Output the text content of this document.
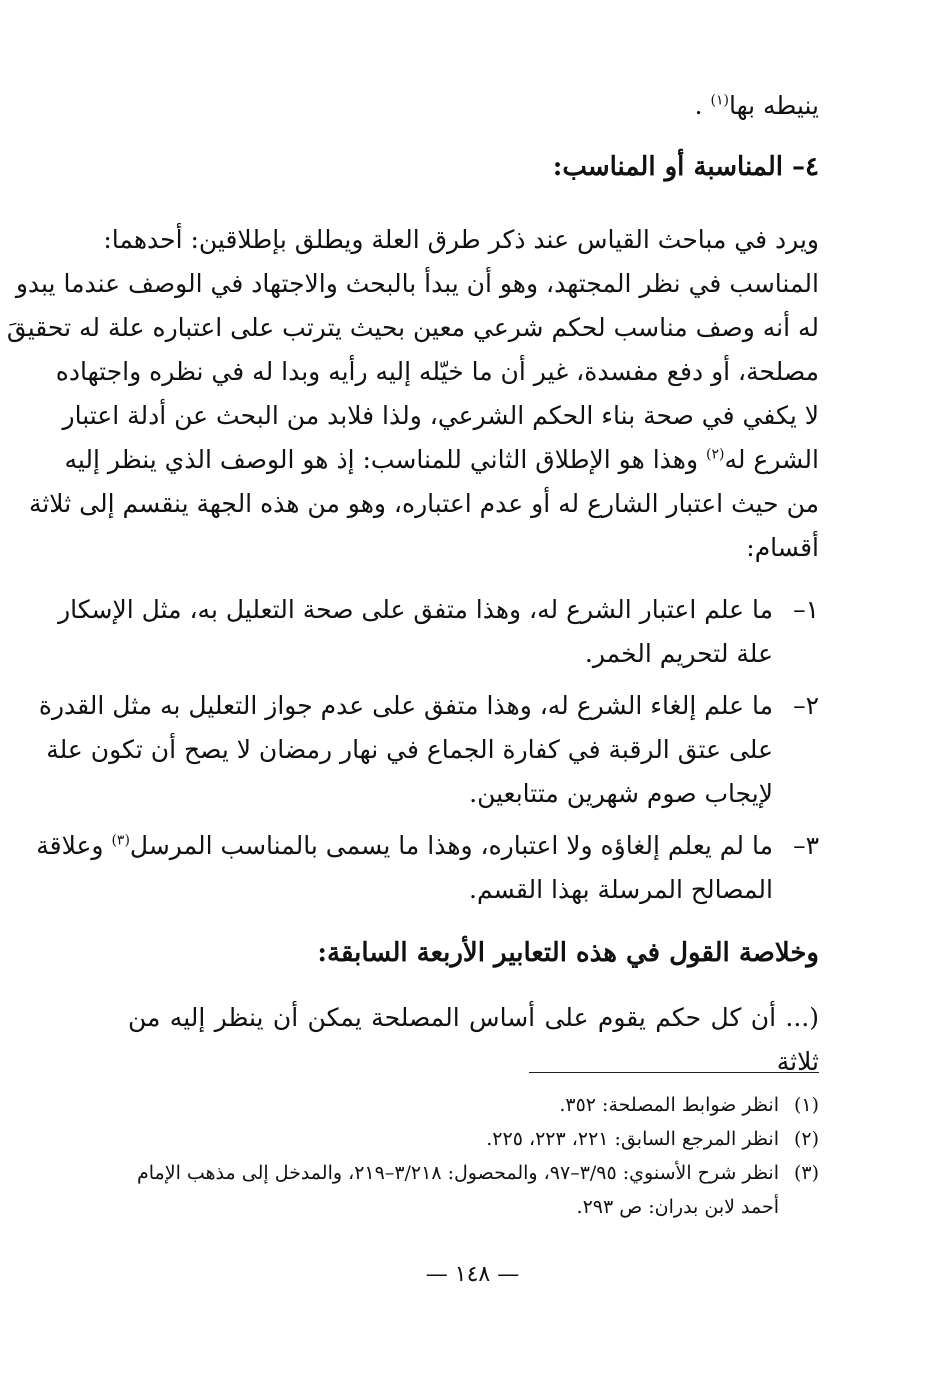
ينيطه بها$^{(١)}$ .
٤– المناسبة أو المناسب:
ويرد في مباحث القياس عند ذكر طرق العلة ويطلق بإطلاقين: أحدهما:
المناسب في نظر المجتهد، وهو أن يبدأ بالبحث والاجتهاد في الوصف عندما يبدو
له أنه وصف مناسب لحكم شرعي معين بحيث يترتب على اعتباره علة له تحقيقَ
مصلحة، أو دفع مفسدة، غير أن ما خيّله إليه رأيه وبدا له في نظره واجتهاده
لا يكفي في صحة بناء الحكم الشرعي، ولذا فلابد من البحث عن أدلة اعتبار
الشرع له$^{(٢)}$ وهذا هو الإطلاق الثاني للمناسب: إذ هو الوصف الذي ينظر إليه
من حيث اعتبار الشارع له أو عدم اعتباره، وهو من هذه الجهة ينقسم إلى ثلاثة
أقسام:
١–
ما علم اعتبار الشرع له، وهذا متفق على صحة التعليل به، مثل الإسكار
علة لتحريم الخمر.
٢–
ما علم إلغاء الشرع له، وهذا متفق على عدم جواز التعليل به مثل القدرة
على عتق الرقبة في كفارة الجماع في نهار رمضان لا يصح أن تكون علة
لإيجاب صوم شهرين متتابعين.
٣–
ما لم يعلم إلغاؤه ولا اعتباره، وهذا ما يسمى بالمناسب المرسل$^{(٣)}$ وعلاقة
المصالح المرسلة بهذا القسم.
وخلاصة القول في هذه التعابير الأربعة السابقة:
(... أن كل حكم يقوم على أساس المصلحة يمكن أن ينظر إليه من ثلاثة
(١)
انظر ضوابط المصلحة: ٣٥٢.
(٢)
انظر المرجع السابق: ٢٢١، ٢٢٣، ٢٢٥.
(٣)
انظر شرح الأسنوي: ٣/٩٥–٩٧، والمحصول: ٣/٢١٨–٢١٩، والمدخل إلى مذهب الإمام
أحمد لابن بدران: ص ٢٩٣.
— ١٤٨ —
